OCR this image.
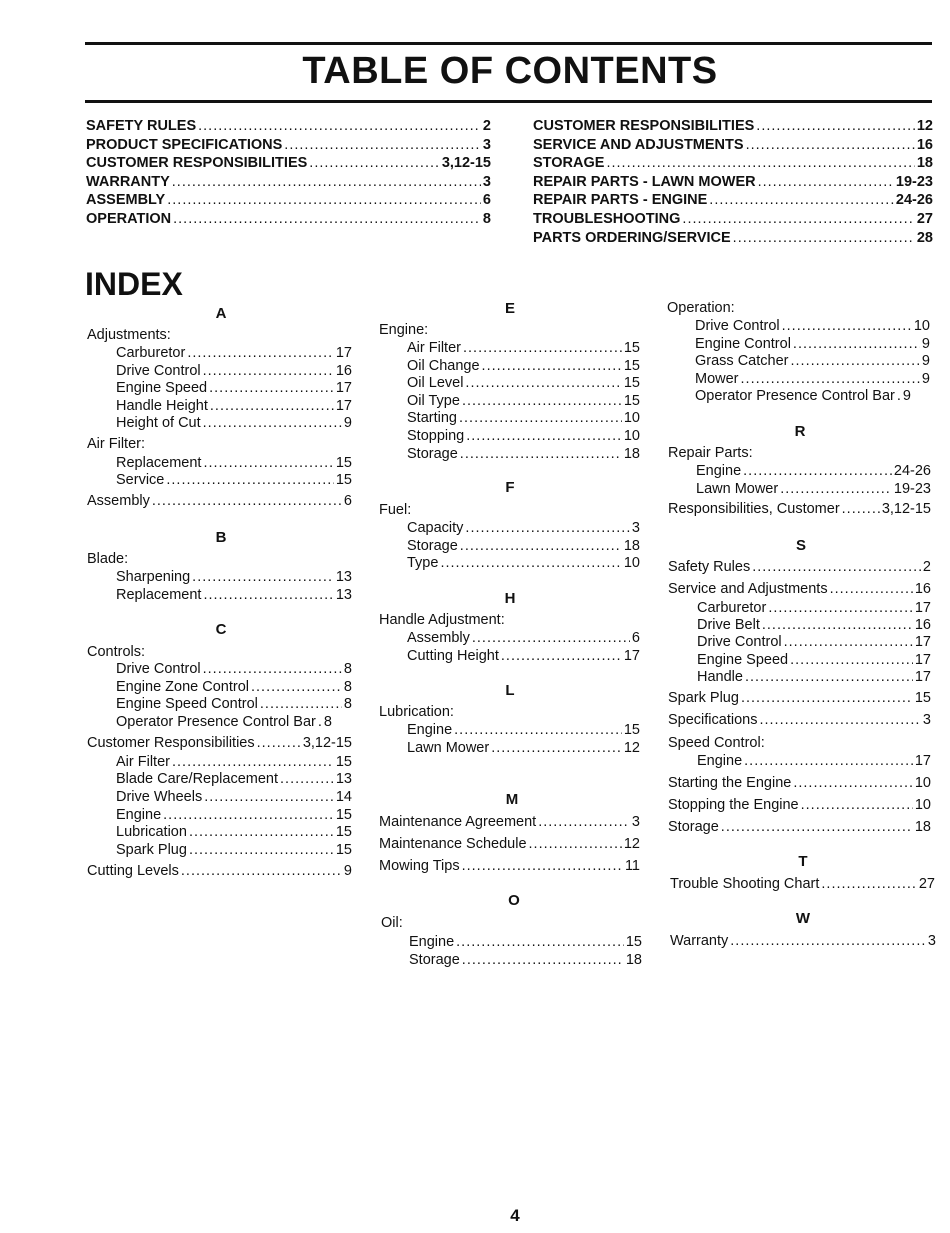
TABLE OF CONTENTS
SAFETY RULES .....	2
PRODUCT SPECIFICATIONS .....	3
CUSTOMER RESPONSIBILITIES .....	3,12-15
WARRANTY .....	3
ASSEMBLY .....	6
OPERATION .....	8
CUSTOMER RESPONSIBILITIES .....	12
SERVICE AND ADJUSTMENTS .....	16
STORAGE .....	18
REPAIR PARTS - LAWN MOWER .....	19-23
REPAIR PARTS - ENGINE .....	24-26
TROUBLESHOOTING .....	27
PARTS ORDERING/SERVICE .....	28
INDEX
A
Adjustments:
Carburetor .....	17
Drive Control .....	16
Engine Speed .....	17
Handle Height .....	17
Height of Cut .....	9
Air Filter:
Replacement .....	15
Service .....	15
Assembly .....	6
B
Blade:
Sharpening .....	13
Replacement .....	13
C
Controls:
Drive Control .....	8
Engine Zone Control .....	8
Engine Speed Control .....	8
Operator Presence Control Bar ..... 8
Customer Responsibilities .....	3,12-15
Air Filter .....	15
Blade Care/Replacement .....	13
Drive Wheels .....	14
Engine .....	15
Lubrication .....	15
Spark Plug .....	15
Cutting Levels .....	9
E
Engine:
Air Filter .....	15
Oil Change .....	15
Oil Level .....	15
Oil Type .....	15
Starting .....	10
Stopping .....	10
Storage .....	18
F
Fuel:
Capacity .....	3
Storage .....	18
Type .....	10
H
Handle Adjustment:
Assembly .....	6
Cutting Height .....	17
L
Lubrication:
Engine .....	15
Lawn Mower .....	12
M
Maintenance Agreement .....	3
Maintenance Schedule .....	12
Mowing Tips .....	11
O
Oil:
Engine .....	15
Storage .....	18
Operation:
Drive Control .....	10
Engine Control .....	9
Grass Catcher .....	9
Mower .....	9
Operator Presence Control Bar ..... 9
R
Repair Parts:
Engine .....	24-26
Lawn Mower .....	19-23
Responsibilities, Customer .....	3,12-15
S
Safety Rules .....	2
Service and Adjustments .....	16
Carburetor .....	17
Drive Belt .....	16
Drive Control .....	17
Engine Speed .....	17
Handle .....	17
Spark Plug .....	15
Specifications .....	3
Speed Control:
Engine .....	17
Starting the Engine .....	10
Stopping the Engine .....	10
Storage .....	18
T
Trouble Shooting Chart .....	27
W
Warranty .....	3
4
